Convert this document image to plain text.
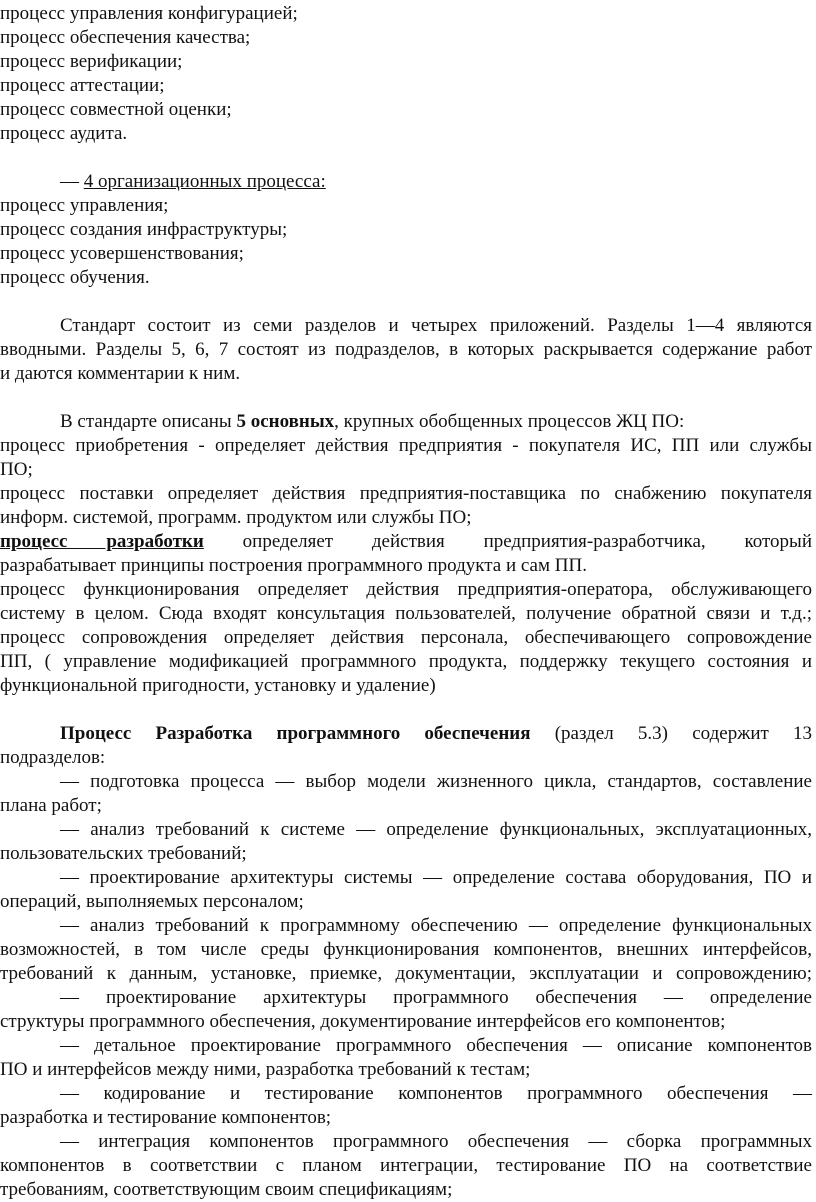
процесс управления конфигурацией;
процесс обеспечения качества;
процесс верификации;
процесс аттестации;
процесс совместной оценки;
процесс аудита.
— 4 организационных процесса:
процесс управления;
процесс создания инфраструктуры;
процесс усовершенствования;
процесс обучения.
Стандарт состоит из семи разделов и четырех приложений. Разделы 1—4 являются
вводными. Разделы 5, 6, 7 состоят из подразделов, в которых раскрывается содержание работ
и даются комментарии к ним.
В стандарте описаны 5 основных, крупных обобщенных процессов ЖЦ ПО:
процесс приобретения - определяет действия предприятия - покупателя ИС, ПП или службы
ПО;
процесс поставки определяет действия предприятия-поставщика по снабжению покупателя
информ. системой, программ. продуктом или службы ПО;
процесс разработки определяет действия предприятия-разработчика, который
разрабатывает принципы построения программного продукта и сам ПП.
процесс функционирования определяет действия предприятия-оператора, обслуживающего
систему в целом. Сюда входят консультация пользователей, получение обратной связи и т.д.;
процесс сопровождения определяет действия персонала, обеспечивающего сопровождение
ПП, ( управление модификацией программного продукта, поддержку текущего состояния и
функциональной пригодности, установку и удаление)
Процесс Разработка программного обеспечения (раздел 5.3) содержит 13
подразделов:
— подготовка процесса — выбор модели жизненного цикла, стандартов, составление
плана работ;
— анализ требований к системе — определение функциональных, эксплуатационных,
пользовательских требований;
— проектирование архитектуры системы — определение состава оборудования, ПО и
операций, выполняемых персоналом;
— анализ требований к программному обеспечению — определение функциональных
возможностей, в том числе среды функционирования компонентов, внешних интерфейсов,
требований к данным, установке, приемке, документации, эксплуатации и сопровождению;
— проектирование архитектуры программного обеспечения — определение
структуры программного обеспечения, документирование интерфейсов его компонентов;
— детальное проектирование программного обеспечения — описание компонентов
ПО и интерфейсов между ними, разработка требований к тестам;
— кодирование и тестирование компонентов программного обеспечения —
разработка и тестирование компонентов;
— интеграция компонентов программного обеспечения — сборка программных
компонентов в соответствии с планом интеграции, тестирование ПО на соответствие
требованиям, соответствующим своим спецификациям;
